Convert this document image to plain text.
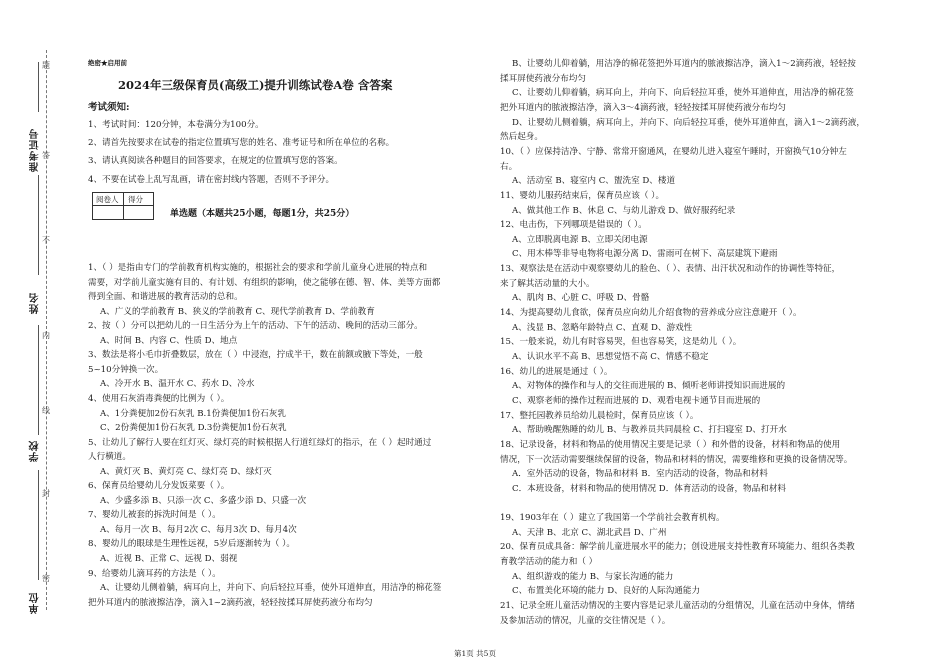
准考证号
姓名
学校
单位
题
答
不
内
线
封
密
绝密★启用前
2024年三级保育员(高级工)提升训练试卷A卷 含答案
考试须知:
1、考试时间：120分钟，本卷满分为100分。
2、请首先按要求在试卷的指定位置填写您的姓名、准考证号和所在单位的名称。
3、请认真阅读各种题目的回答要求，在规定的位置填写您的答案。
4、不要在试卷上乱写乱画，请在密封线内答题，否则不予评分。
阅卷人 得分
单选题（本题共25小题，每题1分，共25分）
1、（ ）是指由专门的学前教育机构实施的，根据社会的要求和学前儿童身心进展的特点和
需要，对学前儿童实施有目的、有计划、有组织的影响，使之能够在德、智、体、美等方面都
得到全面、和谐进展的教育活动的总和。
A、广义的学前教育 B、狭义的学前教育 C、现代学前教育 D、学前教育
2、按（ ）分可以把幼儿的一日生活分为上午的活动、下午的活动、晚间的活动三部分。
A、时间 B、内容 C、性质 D、地点
3、数法是将小毛巾折叠数层，放在（ ）中浸泡，拧成半干，数在前额或腋下等处，一般
5~10分钟换一次。
A、冷开水 B、温开水 C、药水 D、冷水
4、使用石灰消毒粪便的比例为（ ）。
A、1分粪便加2份石灰乳 B.1份粪便加1份石灰乳
C、2份粪便加1份石灰乳 D.3份粪便加1份石灰乳
5、让幼儿了解行人要在红灯灭、绿灯亮的时候根据人行道红绿灯的指示，在（ ）起时通过
人行横道。
A、黄灯灭 B、黄灯亮 C、绿灯亮 D、绿灯灭
6、保育员给婴幼儿分发饭菜要（ ）。
A、少盛多添 B、只添一次 C、多盛少添 D、只盛一次
7、婴幼儿被套的拆洗时间是（ ）。
A、每月一次 B、每月2次 C、每月3次 D、每月4次
8、婴幼儿的眼球是生理性远视，5岁后逐渐转为（ ）。
A、近视 B、正常 C、远视 D、弱视
9、给婴幼儿滴耳药的方法是（ ）。
A、让婴幼儿侧着躺，病耳向上，并向下、向后轻拉耳垂，使外耳道伸直，用洁净的棉花签
把外耳道内的脓液擦洁净，滴入1~2滴药液，轻轻按揉耳屏使药液分布均匀
B、让婴幼儿仰着躺，用洁净的棉花签把外耳道内的脓液擦洁净，滴入1～2滴药液，轻轻按
揉耳屏使药液分布均匀
C、让婴幼儿仰着躺，病耳向上，并向下、向后轻拉耳垂，使外耳道伸直，用洁净的棉花签
把外耳道内的脓液擦洁净，滴入3～4滴药液，轻轻按揉耳屏使药液分布均匀
D、让婴幼儿侧着躺，病耳向上，并向下、向后轻拉耳垂，使外耳道伸直，滴入1～2滴药液，
然后起身。
10、（ ）应保持洁净、宁静、常常开窗通风，在婴幼儿进入寝室午睡时，开窗换气10分钟左
右。
A、活动室 B、寝室内 C、盥洗室 D、楼道
11、婴幼儿服药结束后，保育员应该（ ）。
A、做其他工作 B、休息 C、与幼儿游戏 D、做好服药纪录
12、电击伤，下列哪项是错误的（ ）。
A、立即脱离电源 B、立即关闭电源
C、用木棒等非导电物将电源分离 D、雷雨可在树下、高层建筑下避雨
13、观察法是在活动中观察婴幼儿的脸色、（ ）、表情、出汗状况和动作的协调性等特征，
来了解其活动量的大小。
A、肌肉 B、心脏 C、呼吸 D、骨骼
14、为提高婴幼儿食欲，保育员应向幼儿介绍食物的营养成分应注意避开（ ）。
A、浅显 B、忽略年龄特点 C、直观 D、游戏性
15、一般来说，幼儿有时容易哭，但也容易笑，这是幼儿（ ）。
A、认识水平不高 B、思想觉悟不高 C、情感不稳定
16、幼儿的进展是通过（ ）。
A、对物体的操作和与人的交往而进展的 B、倾听老师讲授知识而进展的
C、观察老师的操作过程而进展的 D、观看电视卡通节目而进展的
17、整托园教养员给幼儿晨检时，保育员应该（ ）。
A、帮助晚醒熟睡的幼儿 B、与教养员共同晨检 C、打扫寝室 D、打开水
18、记录设备，材料和物品的使用情况主要是记录（ ）和外借的设备，材料和物品的使用
情况，下一次活动需要继续保留的设备，物品和材料的情况，需要维修和更换的设备情况等。
A．室外活动的设备，物品和材料 B．室内活动的设备，物品和材料
C．本班设备，材料和物品的使用情况 D．体育活动的设备，物品和材料
19、1903年在（ ）建立了我国第一个学前社会教育机构。
A、天津 B、北京 C、湖北武昌 D、广州
20、保育员成具备：解学前儿童进展水平的能力；创设进展支持性教育环境能力、组织各类教
育教学活动的能力和（ ）
A、组织游戏的能力 B、与家长沟通的能力
C、布置美化环境的能力 D、良好的人际沟通能力
21、记录全班儿童活动情况的主要内容是记录儿童活动的分组情况，儿童在活动中身体，情绪
及参加活动的情况，儿童的交往情况是（ ）。
第1页 共5页
